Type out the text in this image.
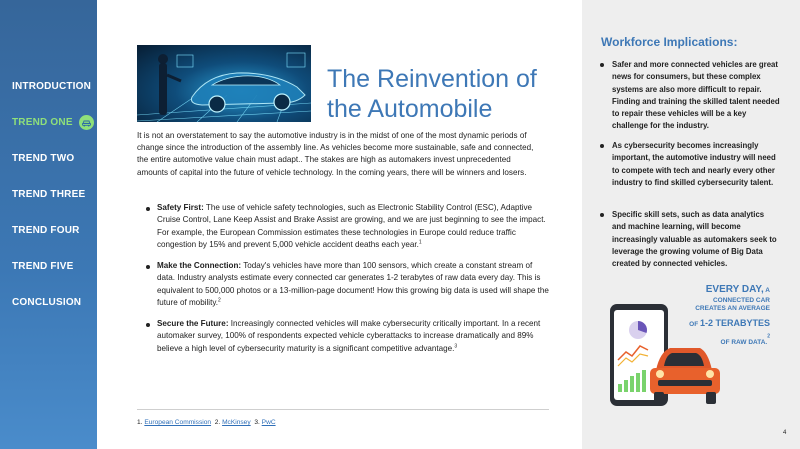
INTRODUCTION
TREND ONE
TREND TWO
TREND THREE
TREND FOUR
TREND FIVE
CONCLUSION
The Reinvention of
the Automobile

It is not an overstatement to say the automotive industry is in the midst of one of the most dynamic periods of change since the introduction of the assembly line. As vehicles become more sustainable, safe and connected, the entire automotive value chain must adapt.. The stakes are high as automakers invest unprecedented amounts of capital into the future of vehicle technology. In the coming years, there will be winners and losers.

Safety First: The use of vehicle safety technologies, such as Electronic Stability Control (ESC), Adaptive Cruise Control, Lane Keep Assist and Brake Assist are growing, and we are just beginning to see the impact. For example, the European Commission estimates these technologies in Europe could reduce traffic congestion by 15% and prevent 5,000 vehicle accident deaths each year.$^1$
Make the Connection: Today's vehicles have more than 100 sensors, which create a constant stream of data. Industry analysts estimate every connected car generates 1-2 terabytes of raw data every day. This is equivalent to 500,000 photos or a 13-million-page document! How this growing big data is used will shape the future of mobility.$^2$
Secure the Future: Increasingly connected vehicles will make cybersecurity critically important. In a recent automaker survey, 100% of respondents expected vehicle cyberattacks to increase dramatically and 89% believe a high level of cybersecurity maturity is a significant competitive advantage.$^3$
1. European Commission 2. McKinsey 3. PwC
Workforce Implications:
Safer and more connected vehicles are great news for consumers, but these complex systems are also more difficult to repair. Finding and training the skilled talent needed to repair these vehicles will be a key challenge for the industry.
As cybersecurity becomes increasingly important, the automotive industry will need to compete with tech and nearly every other industry to find skilled cybersecurity talent.
Specific skill sets, such as data analytics and machine learning, will become increasingly valuable as automakers seek to leverage the growing volume of Big Data created by connected vehicles.
EVERY DAY, A
CONNECTED CAR
CREATES AN AVERAGE
OF 1-2 TERABYTES
OF RAW DATA.$^2$
4
